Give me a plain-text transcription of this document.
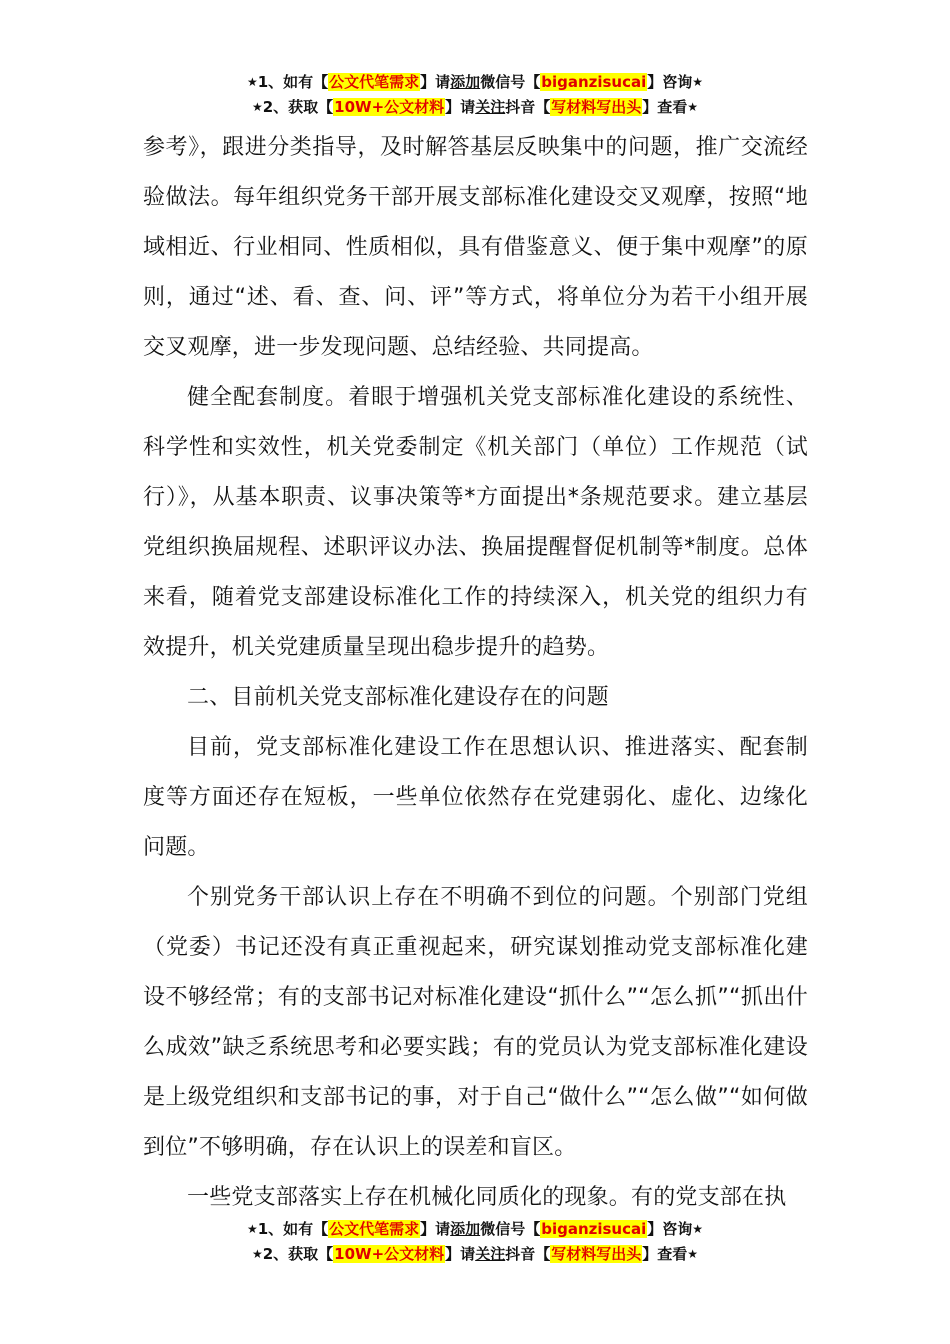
★1、如有【公文代笔需求】请添加微信号【biganzisucai】咨询★
★2、获取【10W+公文材料】请关注抖音【写材料写出头】查看★

参考》，跟进分类指导，及时解答基层反映集中的问题，推广交流经验做法。每年组织党务干部开展支部标准化建设交叉观摩，按照“地域相近、行业相同、性质相似，具有借鉴意义、便于集中观摩”的原则，通过“述、看、查、问、评”等方式，将单位分为若干小组开展交叉观摩，进一步发现问题、总结经验、共同提高。

健全配套制度。着眼于增强机关党支部标准化建设的系统性、科学性和实效性，机关党委制定《机关部门（单位）工作规范（试行）》，从基本职责、议事决策等*方面提出*条规范要求。建立基层党组织换届规程、述职评议办法、换届提醒督促机制等*制度。总体来看，随着党支部建设标准化工作的持续深入，机关党的组织力有效提升，机关党建质量呈现出稳步提升的趋势。

二、目前机关党支部标准化建设存在的问题

目前，党支部标准化建设工作在思想认识、推进落实、配套制度等方面还存在短板，一些单位依然存在党建弱化、虚化、边缘化问题。

个别党务干部认识上存在不明确不到位的问题。个别部门党组（党委）书记还没有真正重视起来，研究谋划推动党支部标准化建设不够经常；有的支部书记对标准化建设“抓什么”“怎么抓”“抓出什么成效”缺乏系统思考和必要实践；有的党员认为党支部标准化建设是上级党组织和支部书记的事，对于自己“做什么”“怎么做”“如何做到位”不够明确，存在认识上的误差和盲区。

一些党支部落实上存在机械化同质化的现象。有的党支部在执

★1、如有【公文代笔需求】请添加微信号【biganzisucai】咨询★
★2、获取【10W+公文材料】请关注抖音【写材料写出头】查看★
